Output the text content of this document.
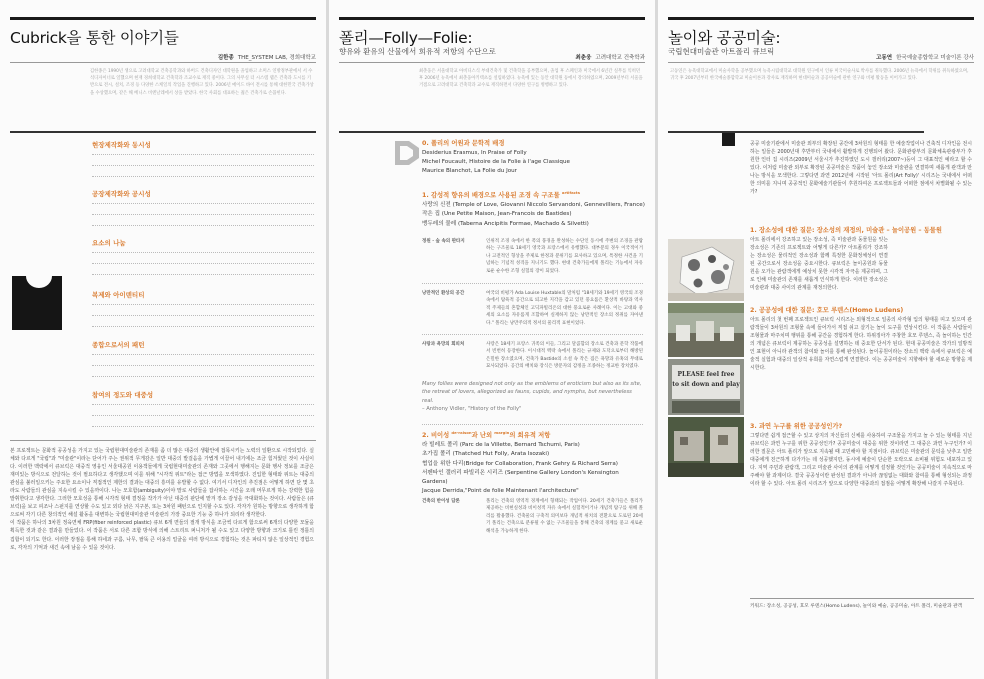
Cubrick을 통한 이야기들
김한종 THE_SYSTEM LAB, 경희대학교
김한종은 1990년 생으로 고려대학교 건축공학과와 하버드 건축디자인 대학원을 졸업하고 소머스 연방정부관에서 서 수석디자이너로 일했으며 현재 경희대학교 건축학과 조교수로 재직 중이다. 그의 사무실 더 시스템 랩은 건축과 도시를 기반으로 전시, 설치, 조경 등 다양한 스케일의 작업을 진행하고 있다. 2006년 메이드 바이 전시를 통해 대한민국 건축가상을 수상했으며, 같은 해 베니스 비엔날레에서 상을 받았다. 한국 사회를 대표하는 젊은 건축가로 손꼽힌다.
현장제작화와 동시성
공장제작화와 공시성
요소의 나눔
복제와 아이덴티티
종합으로서의 패턴
참여의 정도와 대중성
본 프로젝트는 문화적 공공성을 가지고 있는 국립현대미술관의 존재를 좀 더 많은 대중의 생활안에 접목시키는 노력의 일환으로 시작되었다. 실체와 다르게 "국립"과 "미술관"이라는 단어가 주는 권위적 무게감은 일반 대중의 발걸음을 가볍게 이끌어 내기에는 조금 힘겨웠던 것이 사실이다. 이러한 맥락에서 큐브릭은 대중적 영웅인 서울대공원 이용객들에게 국립현대미술관의 존재와 그곳에서 행해지는 문화 행사 정보를 조금은 재미있는 방식으로 전달하는 것이 필요하다고 생각했으며 이를 위해 "시각적 위트"라는 접근 방법을 모색하였다. 진입한 형태와 위트는 대중의 관심을 불러일으키는 주요한 요소이나 직접적인 제한의 결과는 대중의 흥미를 유발할 수 없다. 여기서 디자인의 추진점은 어떻게 하면 단 몇 초라도 사람들의 관심을 지속시킬 수 있을까이다. 나는 모호함(ambiguity)이야 말로 사람들을 잡사하는 시간을 오래 머무르게 하는 강력한 힘을 발휘한다고 생각한다. 그러한 모호성을 통해 시각적 형태 결정을 작가가 아닌 대중의 판단에 맡겨 장소 감성을 극대화하는 것이다. 사람들은 (큐브릭)을 보고 피조나 스펀지를 연상할 수도 있고 외다 낡은 지구본, 또는 3차원 패턴으로 인지할 수도 있다. 각자가 원하는 방향으로 생각하게 함으로써 각기 다른 창의적인 해설 활동을 대변하는 국립현대미술관 미술관의 가장 중요한 기능 중 하나가 되리라 생각한다.
이 작품은 하나의 3차원 정육면체 FRP(fiber reinforced plastic) 큐브 6개 면들의 절개 방식을 조금씩 다르게 함으로써 6개의 다양한 모듈을 획득한 것과 같은 결과를 만들었다. 이 작품은 서로 다른 조합 방식에 의해 스트리트 퍼니처가 될 수도 있고 다양한 방향과 크기로 틀린 정틀의 집합이 되기도 한다. 이러한 장점을 통해 하네과 구름, 나무, 팔뚝 큰 이용의 얼굴을 여러 방식으로 경험하는 것은 파티지 않은 일상적인 경험으로, 각자의 기억과 새긴 속에 남을 수 있을 것이다.
폴리—Folly—Folie:
향유와 환유의 산물에서 희유적 저항의 수단으로
최춘웅 고려대학교 건축학과
최춘웅은 서울대학교 아비디스식 부대건축가 및 건축학을 공부했으며, 졸업 후 스페인과 미국에서 6년간 실무를 익히던 후 2006년 뉴욕에서 최춘웅아키텍츠를 설립하였다. 뉴욕에 있는 동안 대학원 등에서 강의하였으며, 2009년부터 서울을 거점으로 고려대학교 건축학과 교수로 재직하면서 다양한 연구를 병행하고 있다.
0. 폴리의 어원과 문학적 배경
Desiderius Erasmus, In Praise of Folly
Michel Foucault, Histoire de la Folie à l'age Classique
Maurice Blanchot, La Folie du Jour
1. 감성적 향유의 배경으로 사용된 조경 속 구조물 $^{artifacts}$
사랑의 신전 (Temple of Love, Giovanni Niccolo Servandoni, Gennevilliers, France)
작은 집 (Une Petite Maison, Jean-Francois de Bastides)
뱅두레의 물레 (Taberna Ancipitis Formae, Machado & Silvetti)
정원 · 숲 속의 판타지	인위적 조경 속에서 한 폭의 풍경을 완성하는 수단인 동시에 주변의 조경을 관람하는 구조물로 18세기 영국과 프랑스에서 유행했다. 대부분의 경우 이국적이거나 고전적인 형상을 주제로 한정과 분위기를 묘사하고 있으며, 특정한 사건을 기념하는 기념적 성격을 지니기도 했다. 현대 건축가들에게 폴리는 기능에서 자유로운 순수한 조형 실험의 장이 되었다.
낭만적인 환상의 공간	여국의 비평가 Ada Louise Huxtable의 말처럼 "18세기와 19세기 영국의 조경 속에서 탐욕적 공간으로 퇴고한 지각을 감고 있던 풍요롭은 환상적 바탕과 역사적 주제들의 혼합체인 고딕파빌리온의 대한 풍요로운 사례이다. 이는 고대와 중세의 요소를 자유롭게 조합하여 실재하지 않는 낭만적인 장소의 정취를 자아낸다." 폴리는 낭만주의적 정서의 물리적 표현이었다.
사랑과 욕망의 회피처	사랑은 18세기 프랑스 귀족의 이들, 그리고 달콤함의 장소로 건축과 문학 작품에서 빈번히 등장한다. 이시대적 맥락 속에서 폴리는 규제와 도덕으로부터 해방된 은밀한 장소였으며, 건축가 Bastide의 소설 속 작은 집은 욕망과 유혹의 무대로 묘사되었다. 공간의 배치와 장식은 방문자의 감정을 조종하는 정교한 장치였다.
Many follies were designed not only as the emblems of eroticism but also as its site, the retreat of lovers, allegorized as fauns, cupids, and nymphs, but nevertheless real.
– Anthony Vidler, "History of the Folly"
2. 비이성 $^{de-raison}$과 난외 $^{margin}$의 희유적 저항
라 빌레트 폴리 (Parc de la Villette, Bernard Tschumi, Paris)
초가집 폴리 (Thatched Hut Folly, Arata Isozaki)
협업을 위한 다리(Bridge for Collaboration, Frank Gehry & Richard Serra)
서펜타인 갤러리 파빌리온 시리즈 (Serpentine Gallery London's Kensington Gardens)
Jacque Derrida,"Point de folie Maintenant l'architecture"
건축의 반이성 담론	폴리는 건축의 영역적 경계에서 형태되는 작업이다. 20세기 건축가들은 폴리가 제공하는 비현실성과 비이성적 자유 속에서 실험적이거나 개념적 탐구를 위해 폴리를 활용했다. 건축물의 구축적 의미보다 개념적 위치의 전환으로 도로된 20세기 폴리는 건축으로 분류될 수 없는 구조물들을 통해 건축의 경계를 묻고 새로운 해석을 가능하게 한다.
놀이와 공공미술:
국립현대미술관 아트폴리 큐브릭
고동연 한국예술종합학교 미술이론 강사
고동연은 뉴욕대학교에서 미술사학을 공부했으며 뉴욕시립대학교 대학원 연구에서 인류 미국미술사로 박사를 취득했다. 2006년 뉴욕에서 학위를 취득하였으며, 귀국 후 2007년부터 한국예술종합학교 미술이론과 강사로 재직하며 현대미술과 공공미술에 관한 연구와 비평 활동을 이어가고 있다.
공공 미술기관에서 미술관 외부의 확장된 공간에 3차원의 형태를 한 예술작업이나 건축적 디자인을 전시하는 일들은 2000년대 후반부터 국내에서 활발하게 진행되어 왔다. 문화관광부의 문화체육관광부가 후원한 인터 집 시리즈(2009년 서울시가 추진하였던 도시 갤러리(2007~)등이 그 대표적인 예라고 할 수 있다. 이처럼 미술관 외부로 확장된 공공미술은 작품이 놓인 장소와 미술관을 연결하며 새롭게 관객과 만나는 방식을 모색한다. 그렇다면 과연 2012년에 시작된 '아트 폴리(Art Folly)' 시리즈는 국내에서 어떠한 의미를 지니며 공공적인 문화예술기관들이 후원하여온 프로젝트들과 어떠한 점에서 차별화될 수 있는가?
1. 장소성에 대한 질문: 장소성의 재정의, 미술관 – 놀이공원 – 동물원
아트 폴리에서 강조하고 있는 장소성, 즉 미술관과 동물원을 잇는 장소성은 기존의 프로젝트와 어떻게 다른가? 아트폴리가 강조하는 장소성은 물리적인 장소성과 함께 특정한 문화정체성이 연결된 공간으로서 장소성을 중요시한다. 큐브릭은 놀이공원과 동물원을 오가는 관람객에게 예상치 못한 시각적 자극을 제공하며, 그로 인해 미술관의 존재를 새롭게 인식하게 한다. 이러한 장소성은 미술관과 대중 사이의 관계를 재정의한다.
PLEASE feel free
to sit down and play
2. 공공성에 대한 질문: 호모 루덴스(Homo Ludens)
아트 폴리의 첫 번째 프로젝트인 큐브릭 시리즈는 외형적으로 일종의 사각형 입의 형태를 띠고 있으며 관람객들이 3차원의 조형물 속에 들어가서 직접 쉬고 살기는 놀이 도구를 연상시킨다. 이 작품은 사람들이 조형물과 마주치며 행위를 통해 공간을 경험하게 한다. 하위징아가 주창한 호모 루덴스, 즉 놀이하는 인간의 개념은 큐브릭이 제공하는 공공성을 설명하는 데 중요한 단서가 된다. 현대 공공미술은 작가의 일방적인 표현이 아니라 관객의 참여와 놀이를 통해 완성된다. 놀이공원이라는 장소의 맥락 속에서 큐브릭은 예술적 실험과 대중의 일상적 유희를 자연스럽게 연결한다. 이는 공공미술이 지향해야 할 새로운 방향을 제시한다.
3. 과연 누구를 위한 공공성인가?
그렇다면 쉽게 접근할 수 있고 상지의 자신들의 신체를 사용하여 구조물을 가지고 놀 수 있는 형태를 지닌 큐브릭은 과연 누구를 위한 공공성인가? 공공미술이 대중을 위한 것이라면 그 대중은 과연 누구인가? 이러한 질문은 아트 폴리가 앞으로 지속될 때 고민해야 할 지점이다. 큐브릭은 미술관의 문턱을 낮추고 일반 대중에게 친근하게 다가가는 데 성공했지만, 동시에 예술이 단순한 오락으로 소비될 위험도 내포하고 있다. 지역 주민과 관람객, 그리고 미술관 사이의 관계를 어떻게 설정할 것인가는 공공미술이 지속적으로 마주해야 할 과제이다. 결국 공공성이란 완성된 결과가 아니라 끊임없는 대화와 참여를 통해 형성되는 과정이라 할 수 있다. 아트 폴리 시리즈가 앞으로 다양한 대중과의 접점을 어떻게 확장해 나갈지 주목된다.
키워드: 장소성, 공공성, 호모 루덴스(Homo Ludens), 놀이와 예술, 공공미술, 아트 폴리, 미술관과 관객
